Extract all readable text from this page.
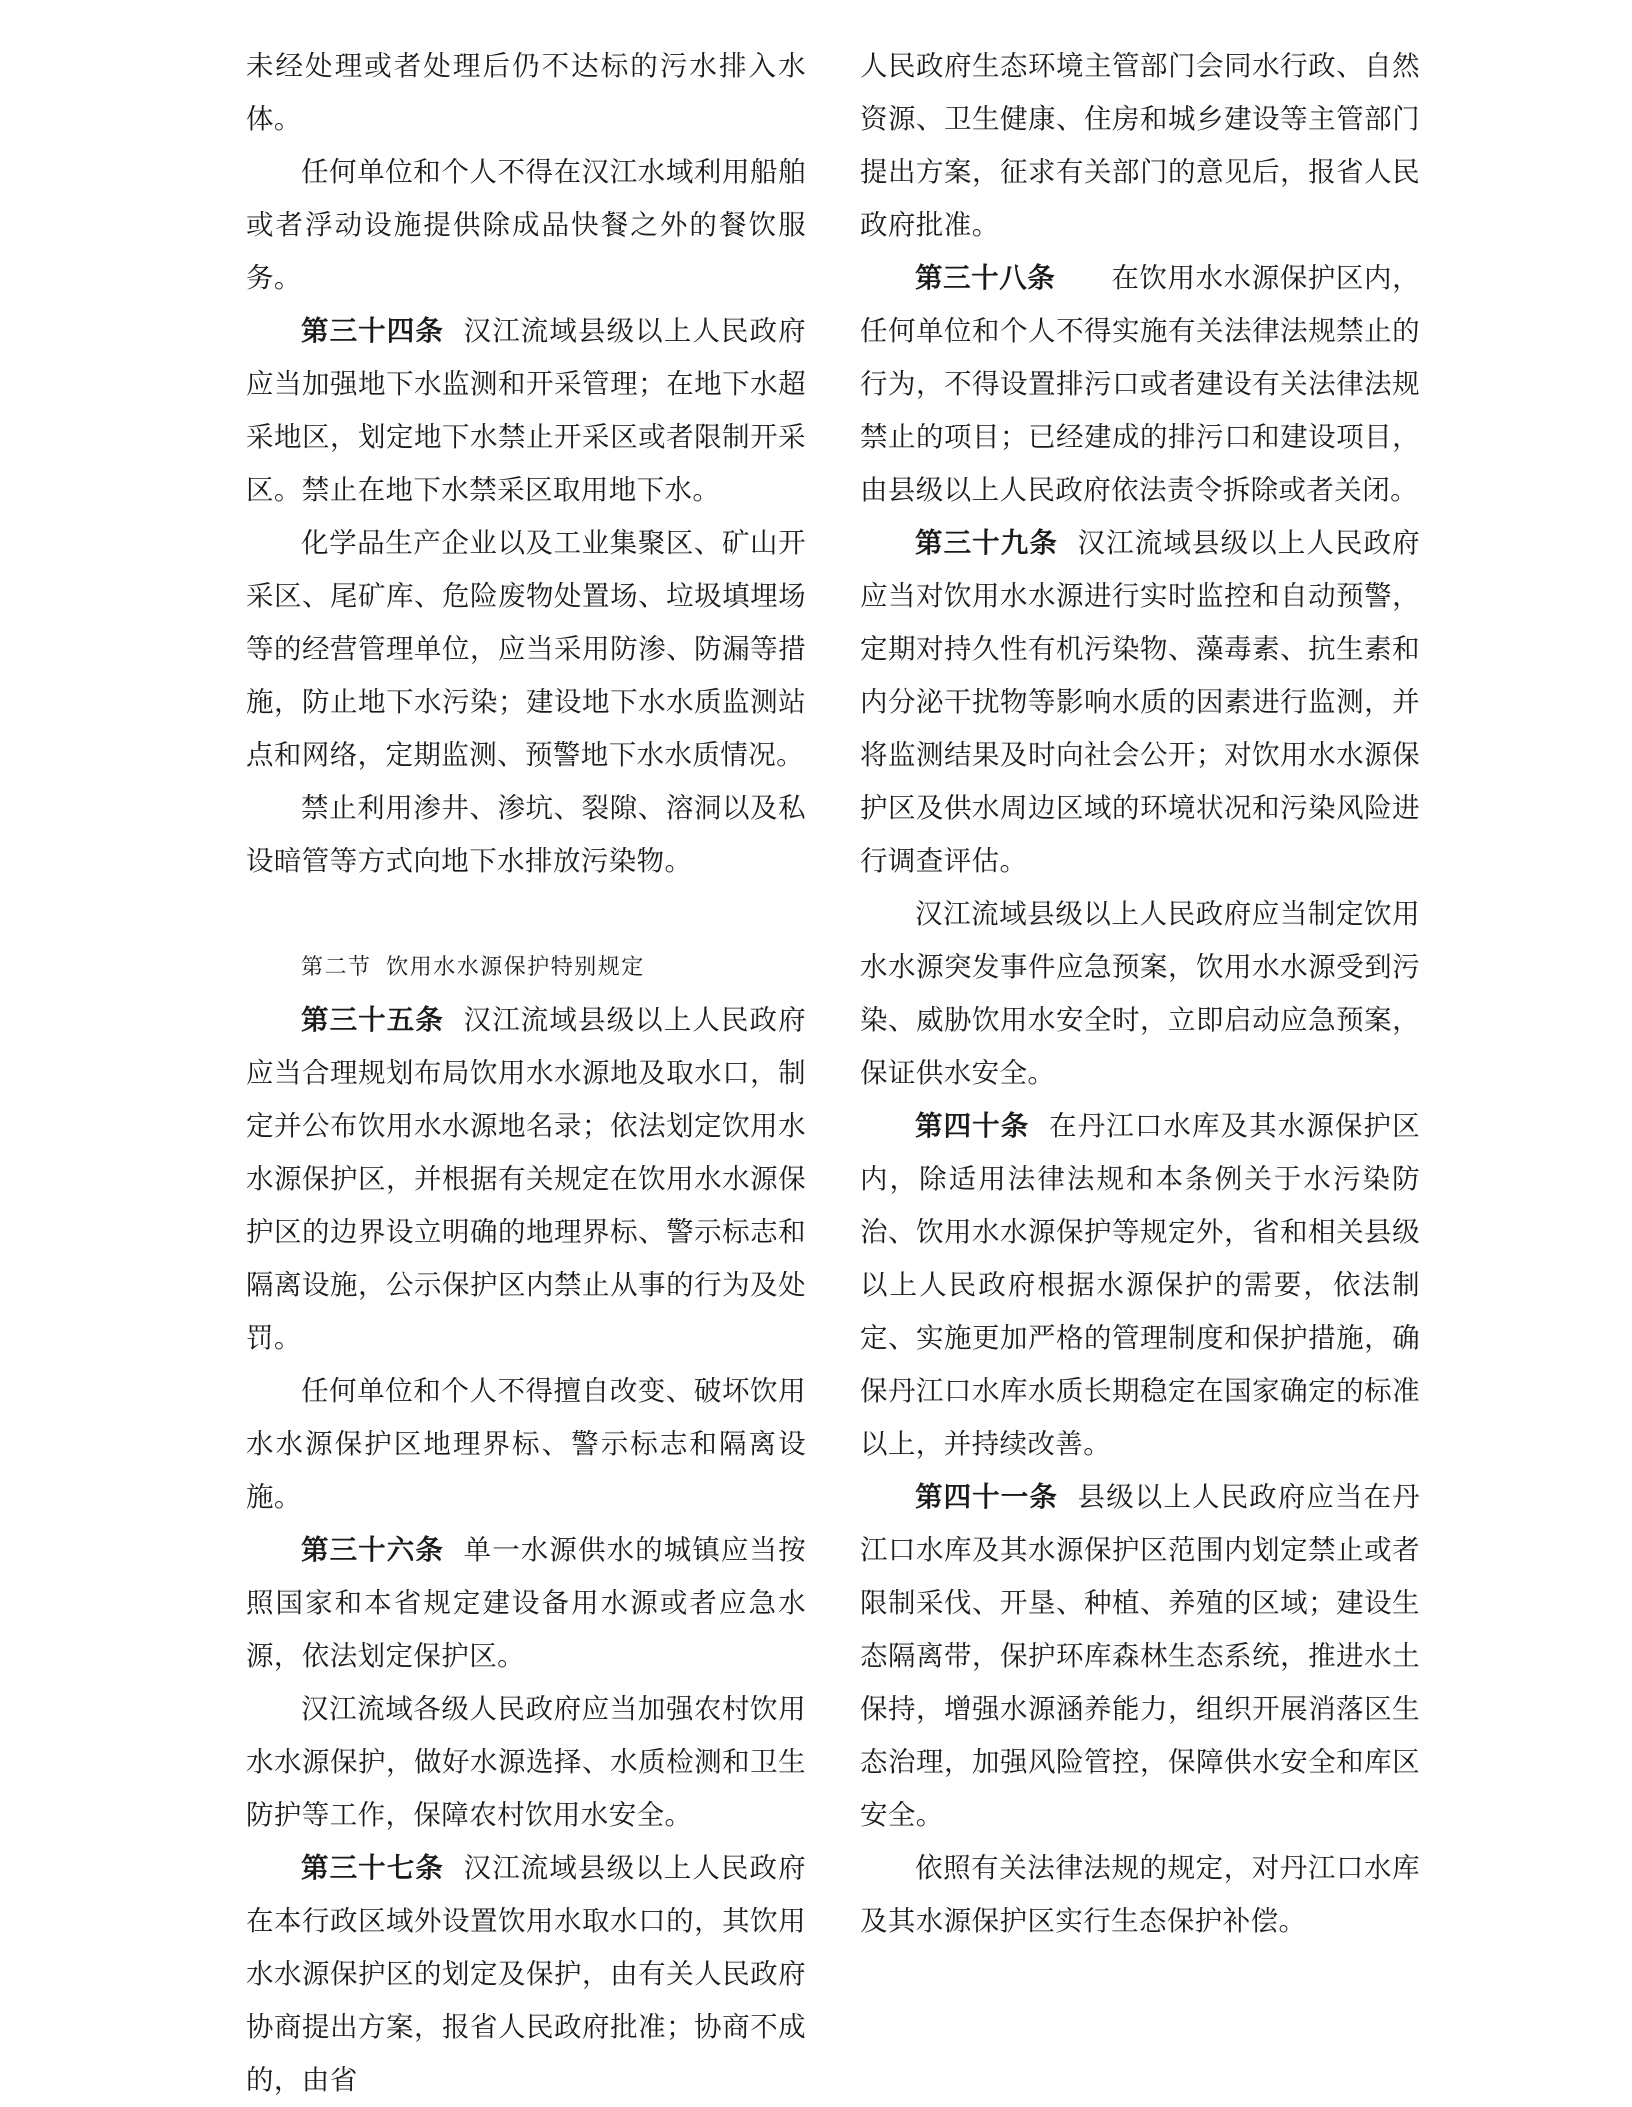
未经处理或者处理后仍不达标的污水排入水体。

任何单位和个人不得在汉江水域利用船舶或者浮动设施提供除成品快餐之外的餐饮服务。

第三十四条 汉江流域县级以上人民政府应当加强地下水监测和开采管理；在地下水超采地区，划定地下水禁止开采区或者限制开采区。禁止在地下水禁采区取用地下水。

化学品生产企业以及工业集聚区、矿山开采区、尾矿库、危险废物处置场、垃圾填埋场等的经营管理单位，应当采用防渗、防漏等措施，防止地下水污染；建设地下水水质监测站点和网络，定期监测、预警地下水水质情况。

禁止利用渗井、渗坑、裂隙、溶洞以及私设暗管等方式向地下水排放污染物。

第二节 饮用水水源保护特别规定

第三十五条 汉江流域县级以上人民政府应当合理规划布局饮用水水源地及取水口，制定并公布饮用水水源地名录；依法划定饮用水水源保护区，并根据有关规定在饮用水水源保护区的边界设立明确的地理界标、警示标志和隔离设施，公示保护区内禁止从事的行为及处罚。

任何单位和个人不得擅自改变、破坏饮用水水源保护区地理界标、警示标志和隔离设施。

第三十六条 单一水源供水的城镇应当按照国家和本省规定建设备用水源或者应急水源，依法划定保护区。

汉江流域各级人民政府应当加强农村饮用水水源保护，做好水源选择、水质检测和卫生防护等工作，保障农村饮用水安全。

第三十七条 汉江流域县级以上人民政府在本行政区域外设置饮用水取水口的，其饮用水水源保护区的划定及保护，由有关人民政府协商提出方案，报省人民政府批准；协商不成的，由省

人民政府生态环境主管部门会同水行政、自然资源、卫生健康、住房和城乡建设等主管部门提出方案，征求有关部门的意见后，报省人民政府批准。

第三十八条 在饮用水水源保护区内，任何单位和个人不得实施有关法律法规禁止的行为，不得设置排污口或者建设有关法律法规禁止的项目；已经建成的排污口和建设项目，由县级以上人民政府依法责令拆除或者关闭。

第三十九条 汉江流域县级以上人民政府应当对饮用水水源进行实时监控和自动预警，定期对持久性有机污染物、藻毒素、抗生素和内分泌干扰物等影响水质的因素进行监测，并将监测结果及时向社会公开；对饮用水水源保护区及供水周边区域的环境状况和污染风险进行调查评估。

汉江流域县级以上人民政府应当制定饮用水水源突发事件应急预案，饮用水水源受到污染、威胁饮用水安全时，立即启动应急预案，保证供水安全。

第四十条 在丹江口水库及其水源保护区内，除适用法律法规和本条例关于水污染防治、饮用水水源保护等规定外，省和相关县级以上人民政府根据水源保护的需要，依法制定、实施更加严格的管理制度和保护措施，确保丹江口水库水质长期稳定在国家确定的标准以上，并持续改善。

第四十一条 县级以上人民政府应当在丹江口水库及其水源保护区范围内划定禁止或者限制采伐、开垦、种植、养殖的区域；建设生态隔离带，保护环库森林生态系统，推进水土保持，增强水源涵养能力，组织开展消落区生态治理，加强风险管控，保障供水安全和库区安全。

依照有关法律法规的规定，对丹江口水库及其水源保护区实行生态保护补偿。
